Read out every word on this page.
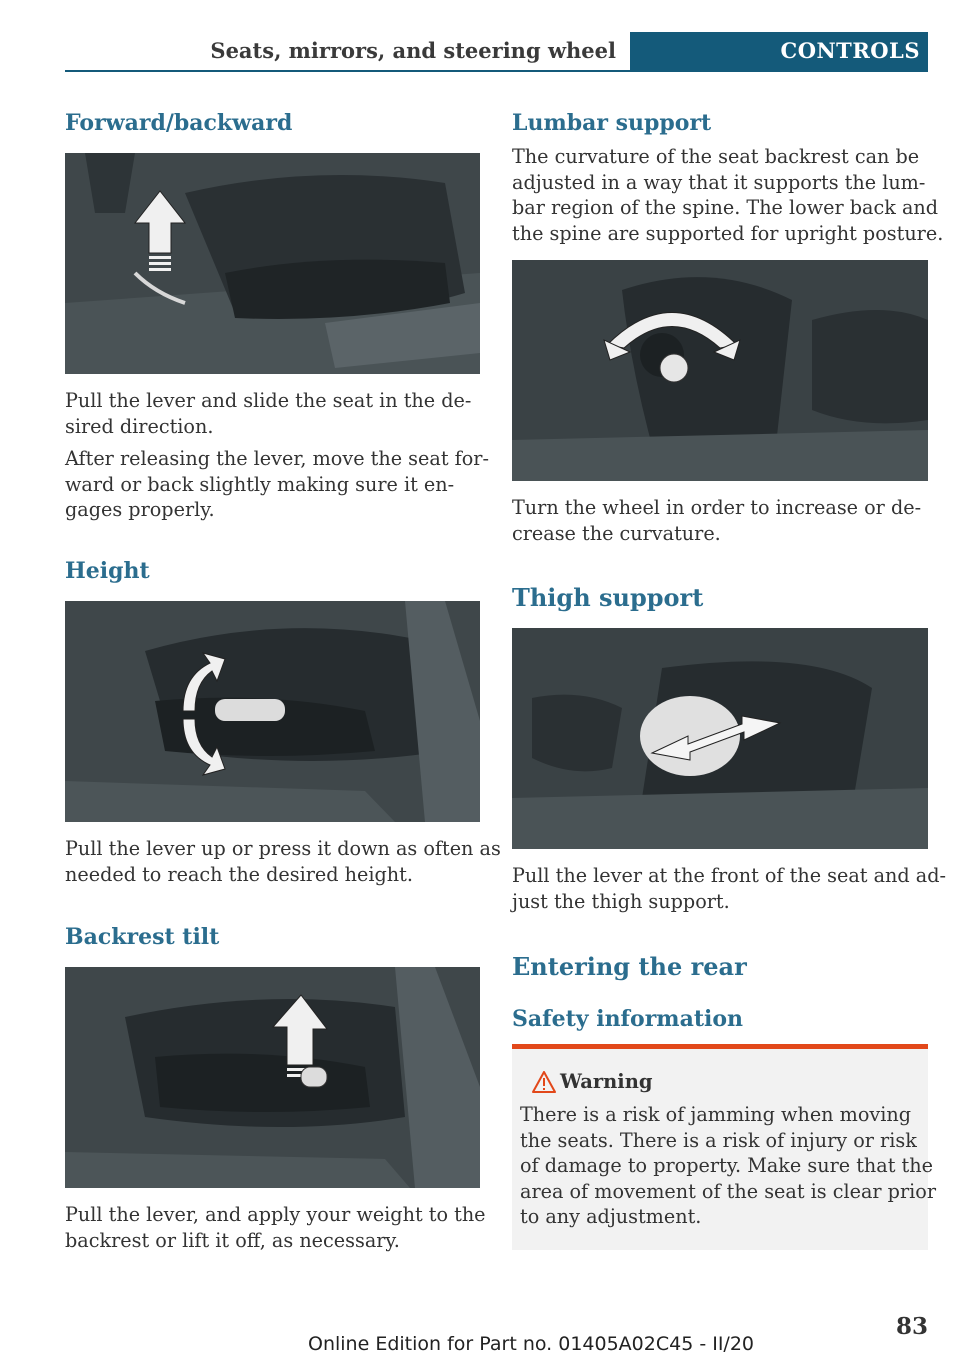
Seats, mirrors, and steering wheel	CONTROLS
Forward/backward
Pull the lever and slide the seat in the de‐
sired direction.
After releasing the lever, move the seat for‐
ward or back slightly making sure it en‐
gages properly.
Height
Pull the lever up or press it down as often as
needed to reach the desired height.
Backrest tilt
Pull the lever, and apply your weight to the
backrest or lift it off, as necessary.
Lumbar support
The curvature of the seat backrest can be
adjusted in a way that it supports the lum‐
bar region of the spine. The lower back and
the spine are supported for upright posture.
Turn the wheel in order to increase or de‐
crease the curvature.
Thigh support
Pull the lever at the front of the seat and ad‐
just the thigh support.
Entering the rear
Safety information
Warning
There is a risk of jamming when moving
the seats. There is a risk of injury or risk
of damage to property. Make sure that the
area of movement of the seat is clear prior
to any adjustment.
83
Online Edition for Part no. 01405A02C45 - II/20
